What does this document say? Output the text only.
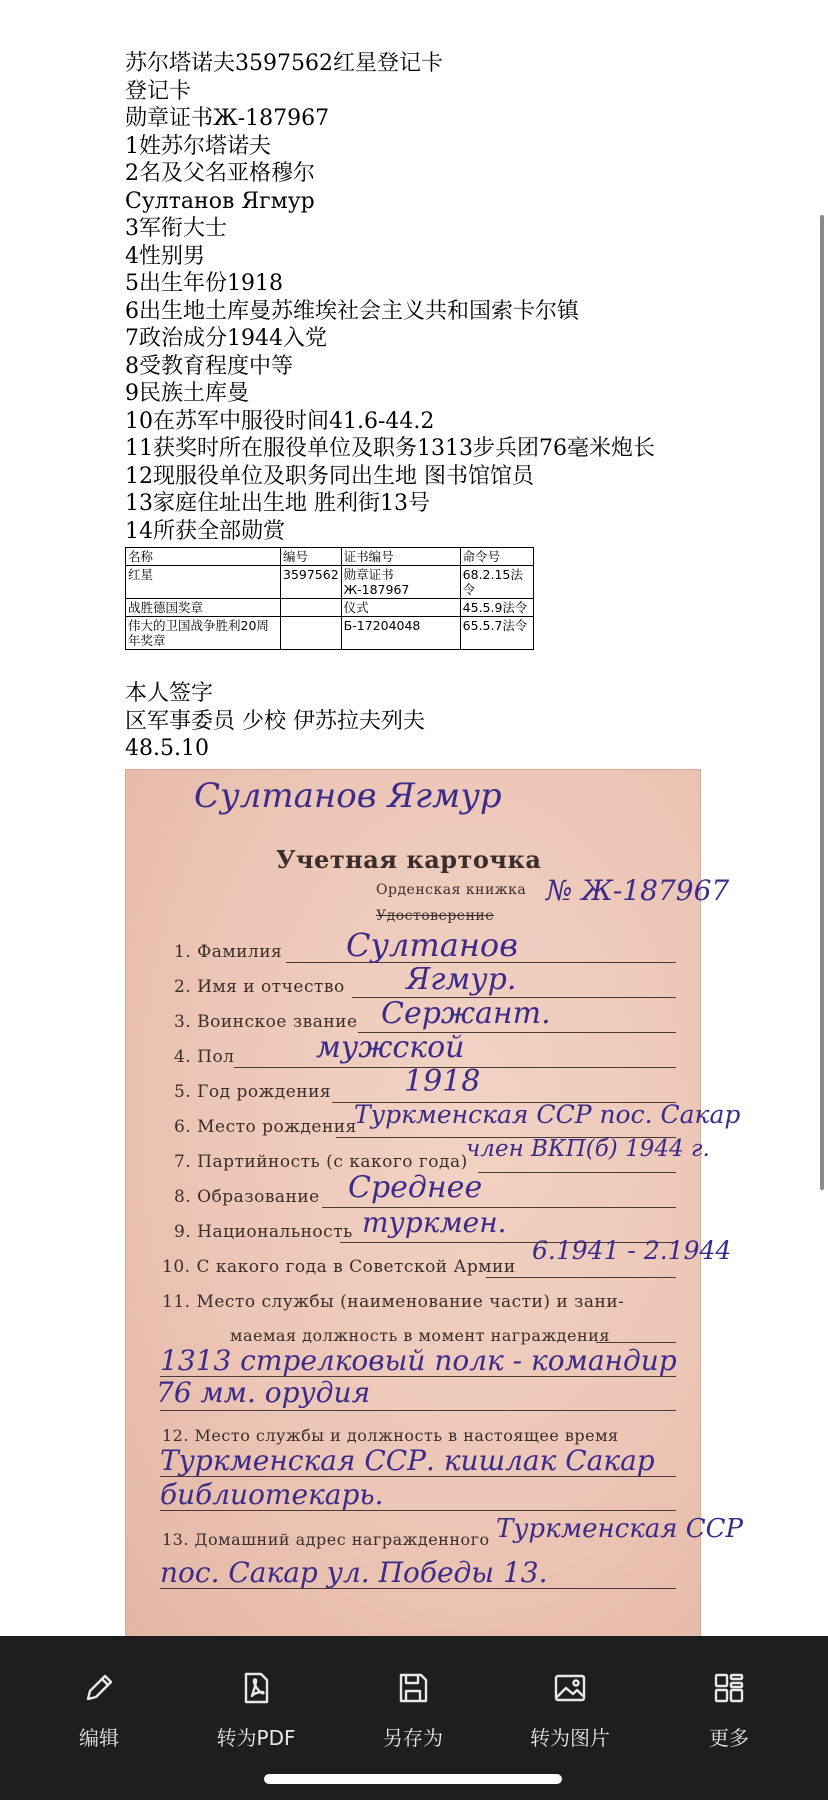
苏尔塔诺夫3597562红星登记卡
登记卡
勋章证书Ж-187967
1姓苏尔塔诺夫
2名及父名亚格穆尔
Султанов Ягмур
3军衔大士
4性别男
5出生年份1918
6出生地土库曼苏维埃社会主义共和国索卡尔镇
7政治成分1944入党
8受教育程度中等
9民族土库曼
10在苏军中服役时间41.6-44.2
11获奖时所在服役单位及职务1313步兵团76毫米炮长
12现服役单位及职务同出生地 图书馆馆员
13家庭住址出生地 胜利街13号
14所获全部勋赏
名称	编号	证书编号	命令号
红星	3597562	勋章证书Ж-187967	68.2.15法令
战胜德国奖章		仪式	45.5.9法令
伟大的卫国战争胜利20周年奖章		Б-17204048	65.5.7法令
本人签字
区军事委员 少校 伊苏拉夫列夫
48.5.10
Султанов Ягмур
Учетная карточка
Орденская книжка
Удостоверение
№ Ж-187967
1. Фамилия Султанов
2. Имя и отчество Ягмур.
3. Воинское звание Сержант.
4. Пол	мужской
5. Год рождения 1918
6. Место рождения
Туркменская ССР пос. Сакар
7. Партийность (с какого года)
член ВКП(б) 1944 г.
8. Образование Среднее
9. Национальность туркмен.
10. С какого года в Советской Армии
6.1941 - 2.1944
11. Место службы (наименование части) и зани-
маемая должность в момент награждения
1313 стрелковый полк - командир
76 мм. орудия
12. Место службы и должность в настоящее время
Туркменская ССР. кишлак Сакар
библиотекарь.
13. Домашний адрес награжденного Туркменская ССР
пос. Сакар ул. Победы 13.
编辑	转为PDF	另存为	转为图片	更多
